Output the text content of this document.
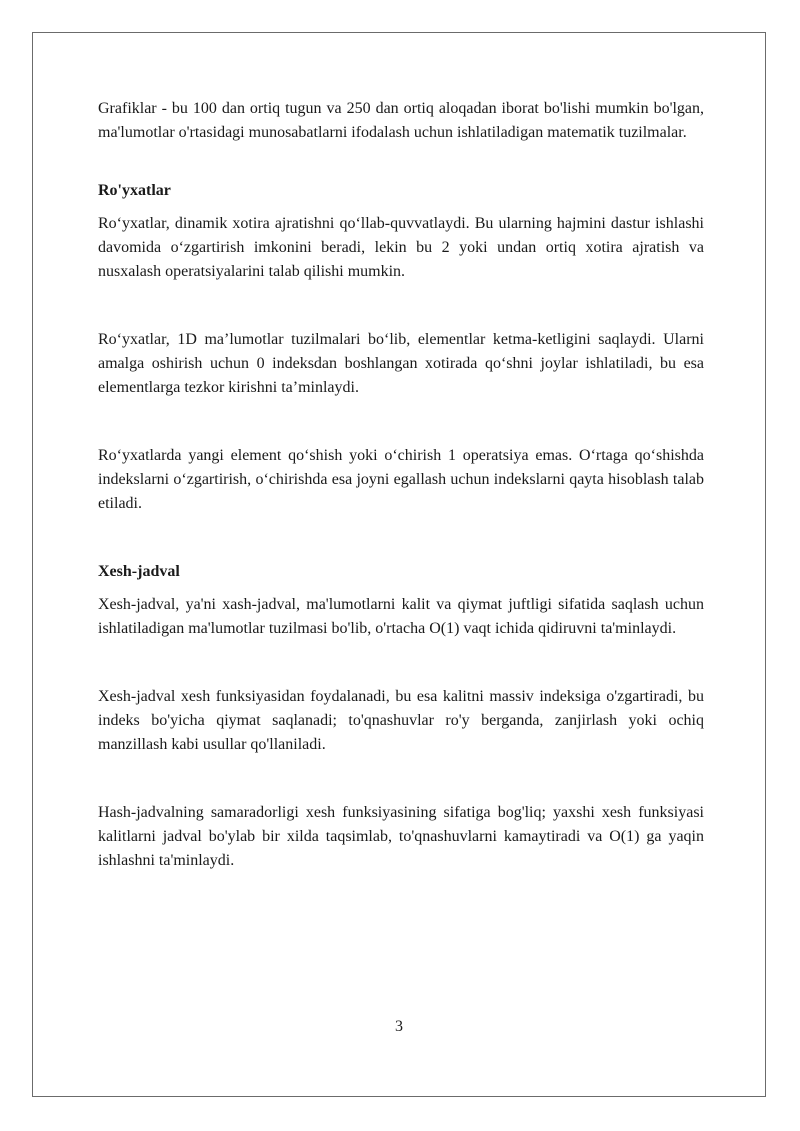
Grafiklar - bu 100 dan ortiq tugun va 250 dan ortiq aloqadan iborat bo'lishi mumkin bo'lgan, ma'lumotlar o'rtasidagi munosabatlarni ifodalash uchun ishlatiladigan matematik tuzilmalar.

Ro'yxatlar

Ro‘yxatlar, dinamik xotira ajratishni qo‘llab-quvvatlaydi. Bu ularning hajmini dastur ishlashi davomida o‘zgartirish imkonini beradi, lekin bu 2 yoki undan ortiq xotira ajratish va nusxalash operatsiyalarini talab qilishi mumkin.

Ro‘yxatlar, 1D ma’lumotlar tuzilmalari bo‘lib, elementlar ketma-ketligini saqlaydi. Ularni amalga oshirish uchun 0 indeksdan boshlangan xotirada qo‘shni joylar ishlatiladi, bu esa elementlarga tezkor kirishni ta’minlaydi.

Ro‘yxatlarda yangi element qo‘shish yoki o‘chirish 1 operatsiya emas. O‘rtaga qo‘shishda indekslarni o‘zgartirish, o‘chirishda esa joyni egallash uchun indekslarni qayta hisoblash talab etiladi.

Xesh-jadval

Xesh-jadval, ya'ni xash-jadval, ma'lumotlarni kalit va qiymat juftligi sifatida saqlash uchun ishlatiladigan ma'lumotlar tuzilmasi bo'lib, o'rtacha O(1) vaqt ichida qidiruvni ta'minlaydi.

Xesh-jadval xesh funksiyasidan foydalanadi, bu esa kalitni massiv indeksiga o'zgartiradi, bu indeks bo'yicha qiymat saqlanadi; to'qnashuvlar ro'y berganda, zanjirlash yoki ochiq manzillash kabi usullar qo'llaniladi.

Hash-jadvalning samaradorligi xesh funksiyasining sifatiga bog'liq; yaxshi xesh funksiyasi kalitlarni jadval bo'ylab bir xilda taqsimlab, to'qnashuvlarni kamaytiradi va O(1) ga yaqin ishlashni ta'minlaydi.

3
